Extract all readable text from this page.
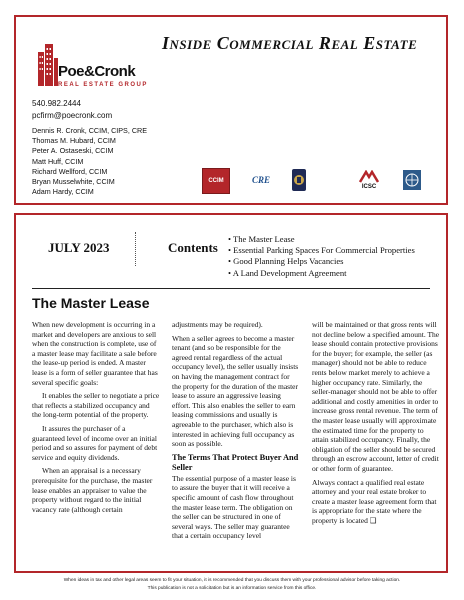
Inside Commercial Real Estate
Poe&Cronk
REAL ESTATE GROUP
540.982.2444
pcfirm@poecronk.com
Dennis R. Cronk, CCIM, CIPS, CRE
Thomas M. Hubard, CCIM
Peter A. Ostaseski, CCIM
Matt Huff, CCIM
Richard Wellford, CCIM
Bryan Musselwhite, CCIM
Adam Hardy, CCIM
CCIM	CRE
ICSC
JULY 2023	Contents
• The Master Lease
• Essential Parking Spaces For Commercial Properties
• Good Planning Helps Vacancies
• A Land Development Agreement
The Master Lease

When new development is occurring in a market and developers are anxious to sell when the construction is complete, use of a master lease may facilitate a sale before the lease-up period is ended. A master lease is a form of seller guarantee that has several specific goals:

It enables the seller to negotiate a price that reflects a stabilized occupancy and the long-term potential of the property.

It assures the purchaser of a guaranteed level of income over an initial period and so assures for payment of debt service and equity dividends.

When an appraisal is a necessary prerequisite for the purchase, the master lease enables an appraiser to value the property without regard to the initial vacancy rate (although certain

adjustments may be required).

When a seller agrees to become a master tenant (and so be responsible for the agreed rental regardless of the actual occupancy level), the seller usually insists on having the management contract for the property for the duration of the master lease to assure an aggressive leasing effort. This also enables the seller to earn leasing commissions and usually is agreeable to the purchaser, which also is interested in achieving full occupancy as soon as possible.

The Terms That Protect Buyer And Seller

The essential purpose of a master lease is to assure the buyer that it will receive a specific amount of cash flow throughout the master lease term. The obligation on the seller can be structured in one of several ways. The seller may guarantee that a certain occupancy level

will be maintained or that gross rents will not decline below a specified amount. The lease should contain protective provisions for the buyer; for example, the seller (as manager) should not be able to reduce rents below market merely to achieve a higher occupancy rate. Similarly, the seller-manager should not be able to offer additional and costly amenities in order to increase gross rental revenue. The term of the master lease usually will approximate the estimated time for the property to attain stabilized occupancy. Finally, the obligation of the seller should be secured through an escrow account, letter of credit or other form of guarantee.

Always contact a qualified real estate attorney and your real estate broker to create a master lease agreement form that is appropriate for the state where the property is located ❑

When ideas in tax and other legal areas seem to fit your situation, it is recommended that you discuss them with your professional advisor before taking action.
This publication is not a solicitation but is an information service from this office.
